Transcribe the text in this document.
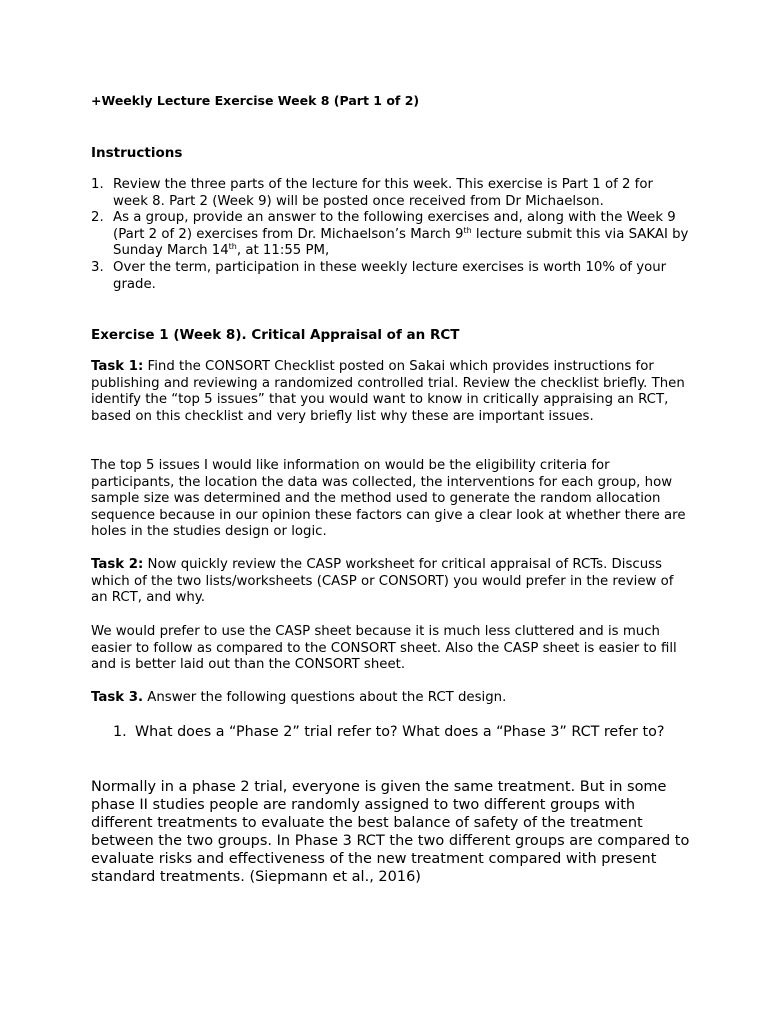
+Weekly Lecture Exercise Week 8 (Part 1 of 2)
Instructions
1. Review the three parts of the lecture for this week. This exercise is Part 1 of 2 for week 8. Part 2 (Week 9) will be posted once received from Dr Michaelson.
2. As a group, provide an answer to the following exercises and, along with the Week 9 (Part 2 of 2) exercises from Dr. Michaelson’s March 9th lecture submit this via SAKAI by Sunday March 14th, at 11:55 PM,
3. Over the term, participation in these weekly lecture exercises is worth 10% of your grade.
Exercise 1 (Week 8). Critical Appraisal of an RCT

Task 1: Find the CONSORT Checklist posted on Sakai which provides instructions for publishing and reviewing a randomized controlled trial. Review the checklist briefly. Then identify the “top 5 issues” that you would want to know in critically appraising an RCT, based on this checklist and very briefly list why these are important issues.

The top 5 issues I would like information on would be the eligibility criteria for participants, the location the data was collected, the interventions for each group, how sample size was determined and the method used to generate the random allocation sequence because in our opinion these factors can give a clear look at whether there are holes in the studies design or logic.

Task 2: Now quickly review the CASP worksheet for critical appraisal of RCTs. Discuss which of the two lists/worksheets (CASP or CONSORT) you would prefer in the review of an RCT, and why.

We would prefer to use the CASP sheet because it is much less cluttered and is much easier to follow as compared to the CONSORT sheet. Also the CASP sheet is easier to fill and is better laid out than the CONSORT sheet.

Task 3. Answer the following questions about the RCT design.

1. What does a “Phase 2” trial refer to? What does a “Phase 3” RCT refer to?

Normally in a phase 2 trial, everyone is given the same treatment. But in some phase II studies people are randomly assigned to two different groups with different treatments to evaluate the best balance of safety of the treatment between the two groups. In Phase 3 RCT the two different groups are compared to evaluate risks and effectiveness of the new treatment compared with present standard treatments. (Siepmann et al., 2016)
